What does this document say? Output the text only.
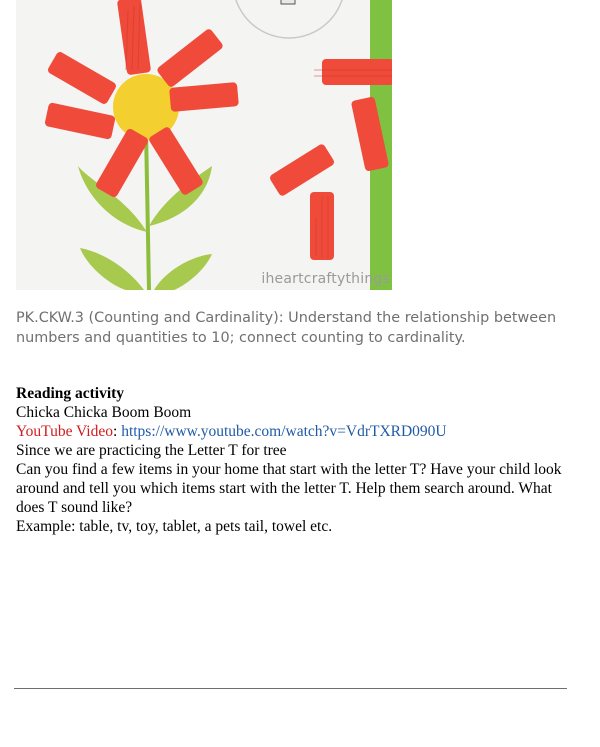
iheartcraftythings
PK.CKW.3 (Counting and Cardinality): Understand the relationship between numbers and quantities to 10; connect counting to cardinality.

Reading activity

Chicka Chicka Boom Boom

YouTube Video: https://www.youtube.com/watch?v=VdrTXRD090U

Since we are practicing the Letter T for tree

Can you find a few items in your home that start with the letter T? Have your child look around and tell you which items start with the letter T. Help them search around. What does T sound like?

Example: table, tv, toy, tablet, a pets tail, towel etc.
